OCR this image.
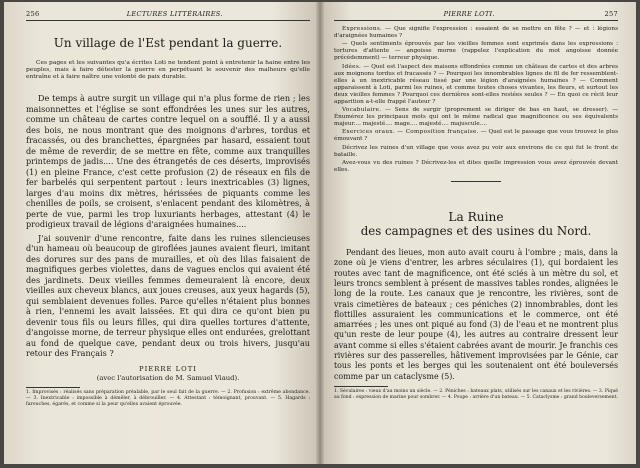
256	LECTURES LITTÉRAIRES.
Un village de l'Est pendant la guerre.

Ces pages et les suivantes qu'a écrites Loti ne tendent point à entretenir la haine entre les peuples, mais à faire détester la guerre en perpétuant le souvenir des malheurs qu'elle entraîne et à faire naître une volonté de paix durable.

De temps à autre surgit un village qui n'a plus forme de rien ; les maisonnettes et l'église se sont effondrées les unes sur les autres, comme un château de cartes contre lequel on a soufflé. Il y a aussi des bois, ne nous montrant que des moignons d'arbres, tordus et fracassés, ou des branchettes, épargnées par hasard, essaient tout de même de reverdir, de se mettre en fête, comme aux tranquilles printemps de jadis.... Une des étrangetés de ces déserts, improvisés (1) en pleine France, c'est cette profusion (2) de réseaux en fils de fer barbelés qui serpentent partout : leurs inextricables (3) lignes, larges d'au moins dix mètres, hérissées de piquants comme les chenilles de poils, se croisent, s'enlacent pendant des kilomètres, à perte de vue, parmi les trop luxuriants herbages, attestant (4) le prodigieux travail de légions d'araignées humaines....

J'ai souvenir d'une rencontre, faite dans les ruines silencieuses d'un hameau où beaucoup de giroflées jaunes avaient fleuri, imitant des dorures sur des pans de murailles, et où des lilas faisaient de magnifiques gerbes violettes, dans de vagues enclos qui avaient été des jardinets. Deux vieilles femmes demeuraient là encore, deux vieilles aux cheveux blancs, aux joues creuses, aux yeux hagards (5), qui semblaient devenues folles. Parce qu'elles n'étaient plus bonnes à rien, l'ennemi les avait laissées. Et qui dira ce qu'ont bien pu devenir tous fils ou leurs filles, qui dira quelles tortures d'attente, d'angoisse morne, de terreur physique elles ont endurées, grelottant au fond de quelque cave, pendant deux ou trois hivers, jusqu'au retour des Français ?

PIERRE LOTI
(avec l'autorisation de M. Samuel Viaud).

1. Improvisés : réalisés sans préparation préalable, par le seul fait de la guerre. — 2. Profusion : extrême abondance. — 3. Inextricable : impossible à démêler, à débrouiller. — 4. Attestant : témoignant, prouvant. — 5. Hagards : farouches, égarés, et comme si la peur qu'elles avaient éprouvée.

PIERRE LOTI.	257

Expressions. — Que signifie l'expression : essaient de se mettre en fête ? — et : légions d'araignées humaines ?

— Quels sentiments éprouvés par les vieilles femmes sont exprimés dans les expressions : tortures d'attente — angoisse morne (rappelez l'explication du mot angoisse donnée précédemment) — terreur physique.

Idées. — Quel est l'aspect des maisons effondrées comme un château de cartes et des arbres aux moignons tordus et fracassés ? — Pourquoi les innombrables lignes de fil de fer ressemblent-elles à un inextricable réseau tissé par une légion d'araignées humaines ? — Comment apparaissent à Loti, parmi les ruines, et comme toutes choses vivantes, les fleurs, et surtout les deux vieilles femmes ? Pourquoi ces dernières sont-elles restées seules ? — En quoi ce récit leur apparition a-t-elle frappé l'auteur ?

Vocabulaire. — Sens de surgir (proprement se diriger de bas en haut, se dresser). — Énumérez les principaux mots qui ont le même radical que magnificence ou ses équivalents majeur.... majesté.... mage.... majesté.... majuscule....

Exercices oraux. — Composition française. — Quel est le passage que vous trouvez le plus émouvant ?

Décrivez les ruines d'un village que vous avez pu voir aux environs de ce qui fut le front de bataille.

Avez-vous vu des ruines ? Décrivez-les et dites quelle impression vous avez éprouvée devant elles.

La Ruine
des campagnes et des usines du Nord.

Pendant des lieues, mon auto avait couru à l'ombre ; mais, dans la zone où je viens d'entrer, les arbres séculaires (1), qui bordaient les routes avec tant de magnificence, ont été sciés à un mètre du sol, et leurs troncs semblent à présent de massives tables rondes, alignées le long de la route. Les canaux que je rencontre, les rivières, sont de vrais cimetières de bateaux ; ces péniches (2) innombrables, dont les flottilles assuraient les communications et le commerce, ont été amarrées ; les unes ont piqué au fond (3) de l'eau et ne montrent plus qu'un reste de leur poupe (4), les autres au contraire dressent leur avant comme si elles s'étaient cabrées avant de mourir. Je franchis ces rivières sur des passerelles, hâtivement improvisées par le Génie, car tous les ponts et les berges qui les soutenaient ont été bouleversés comme par un cataclysme (5).

1. Séculaires : vieux d'au moins un siècle. — 2. Péniches : bateaux plats, utilisés sur les canaux et les rivières. — 3. Piqué au fond : expression de marine pour sombrer. — 4. Poupe : arrière d'un bateau. — 5. Cataclysme : grand bouleversement.
